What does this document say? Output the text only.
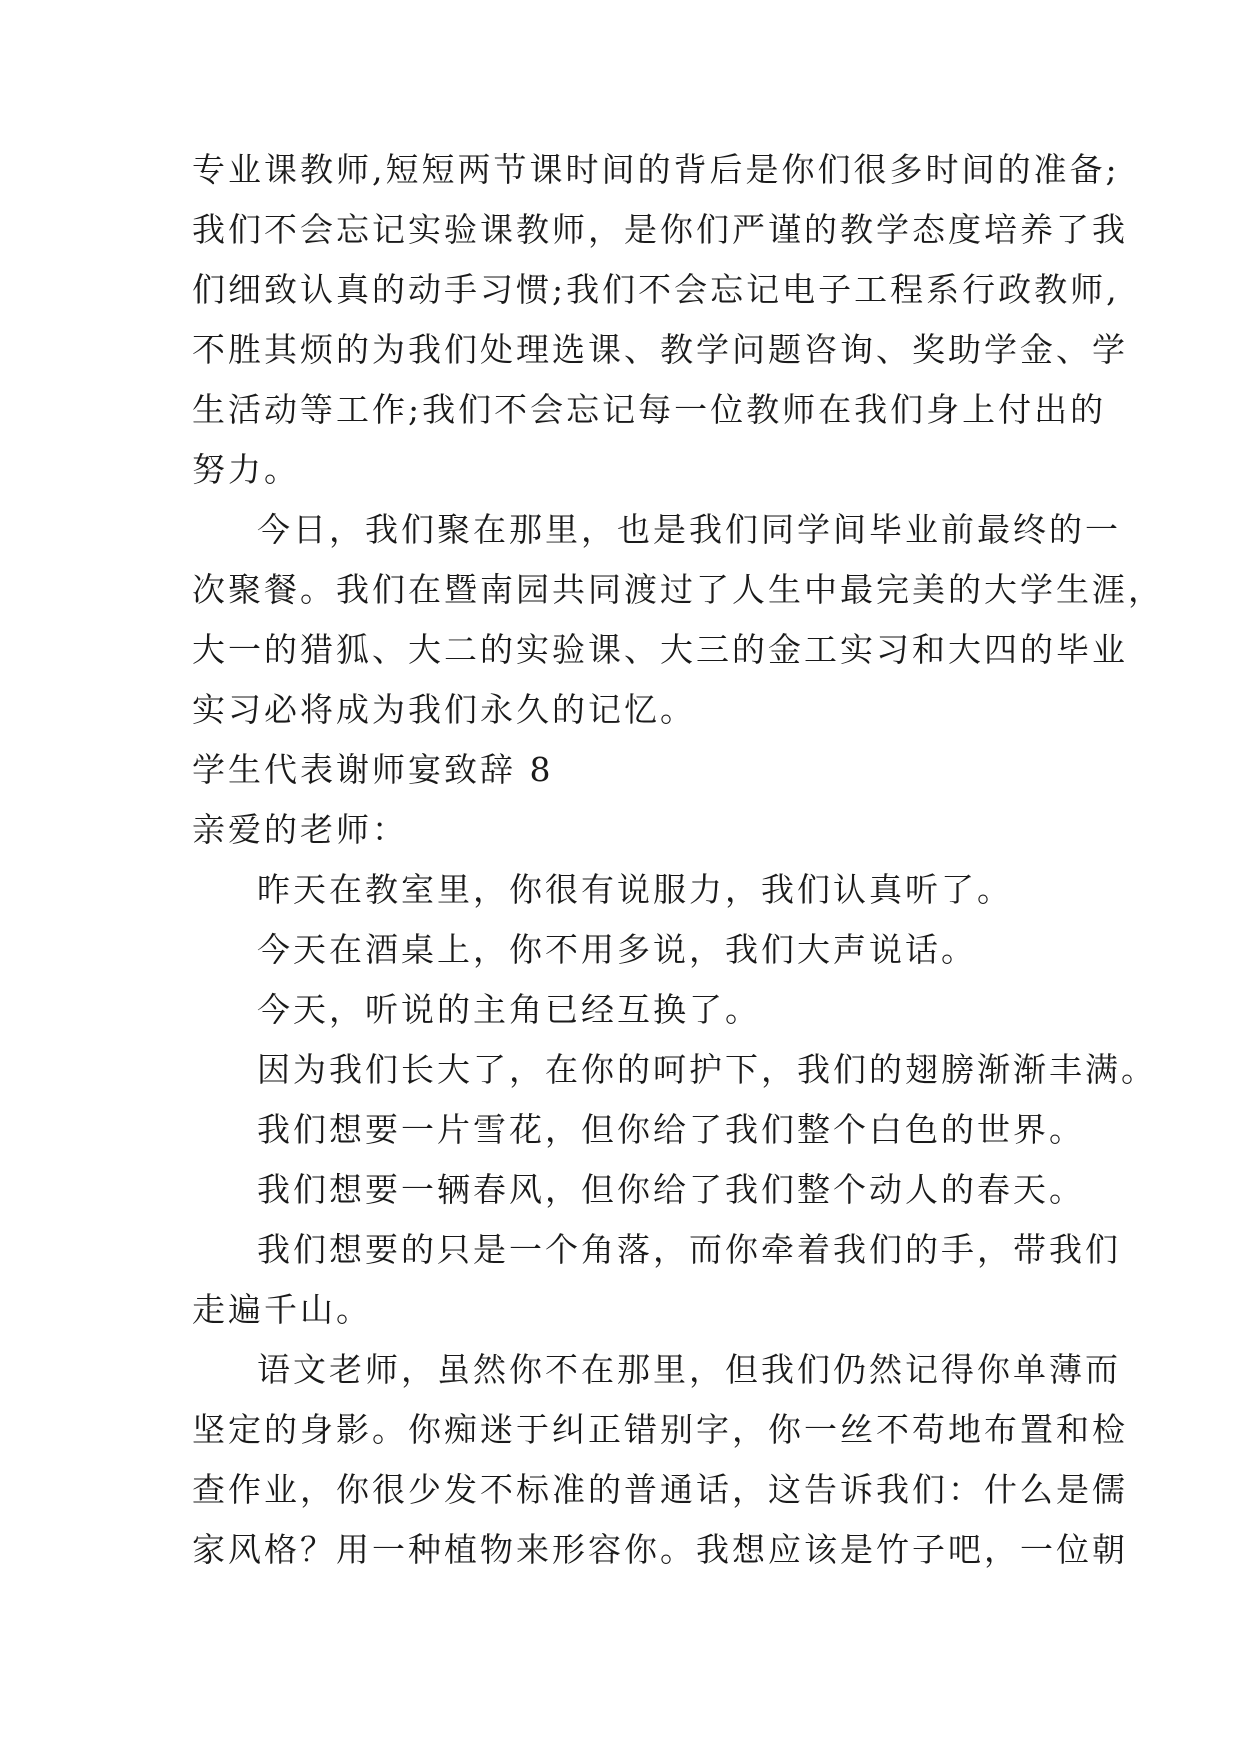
专业课教师,短短两节课时间的背后是你们很多时间的准备;

我们不会忘记实验课教师，是你们严谨的教学态度培养了我

们细致认真的动手习惯;我们不会忘记电子工程系行政教师,

不胜其烦的为我们处理选课、教学问题咨询、奖助学金、学

生活动等工作;我们不会忘记每一位教师在我们身上付出的

努力。

今日，我们聚在那里，也是我们同学间毕业前最终的一

次聚餐。我们在暨南园共同渡过了人生中最完美的大学生涯，

大一的猎狐、大二的实验课、大三的金工实习和大四的毕业

实习必将成为我们永久的记忆。

学生代表谢师宴致辞 8

亲爱的老师：

昨天在教室里，你很有说服力，我们认真听了。

今天在酒桌上，你不用多说，我们大声说话。

今天，听说的主角已经互换了。

因为我们长大了，在你的呵护下，我们的翅膀渐渐丰满。

我们想要一片雪花，但你给了我们整个白色的世界。

我们想要一辆春风，但你给了我们整个动人的春天。

我们想要的只是一个角落，而你牵着我们的手，带我们

走遍千山。

语文老师，虽然你不在那里，但我们仍然记得你单薄而

坚定的身影。你痴迷于纠正错别字，你一丝不苟地布置和检

查作业，你很少发不标准的普通话，这告诉我们：什么是儒

家风格？用一种植物来形容你。我想应该是竹子吧，一位朝
